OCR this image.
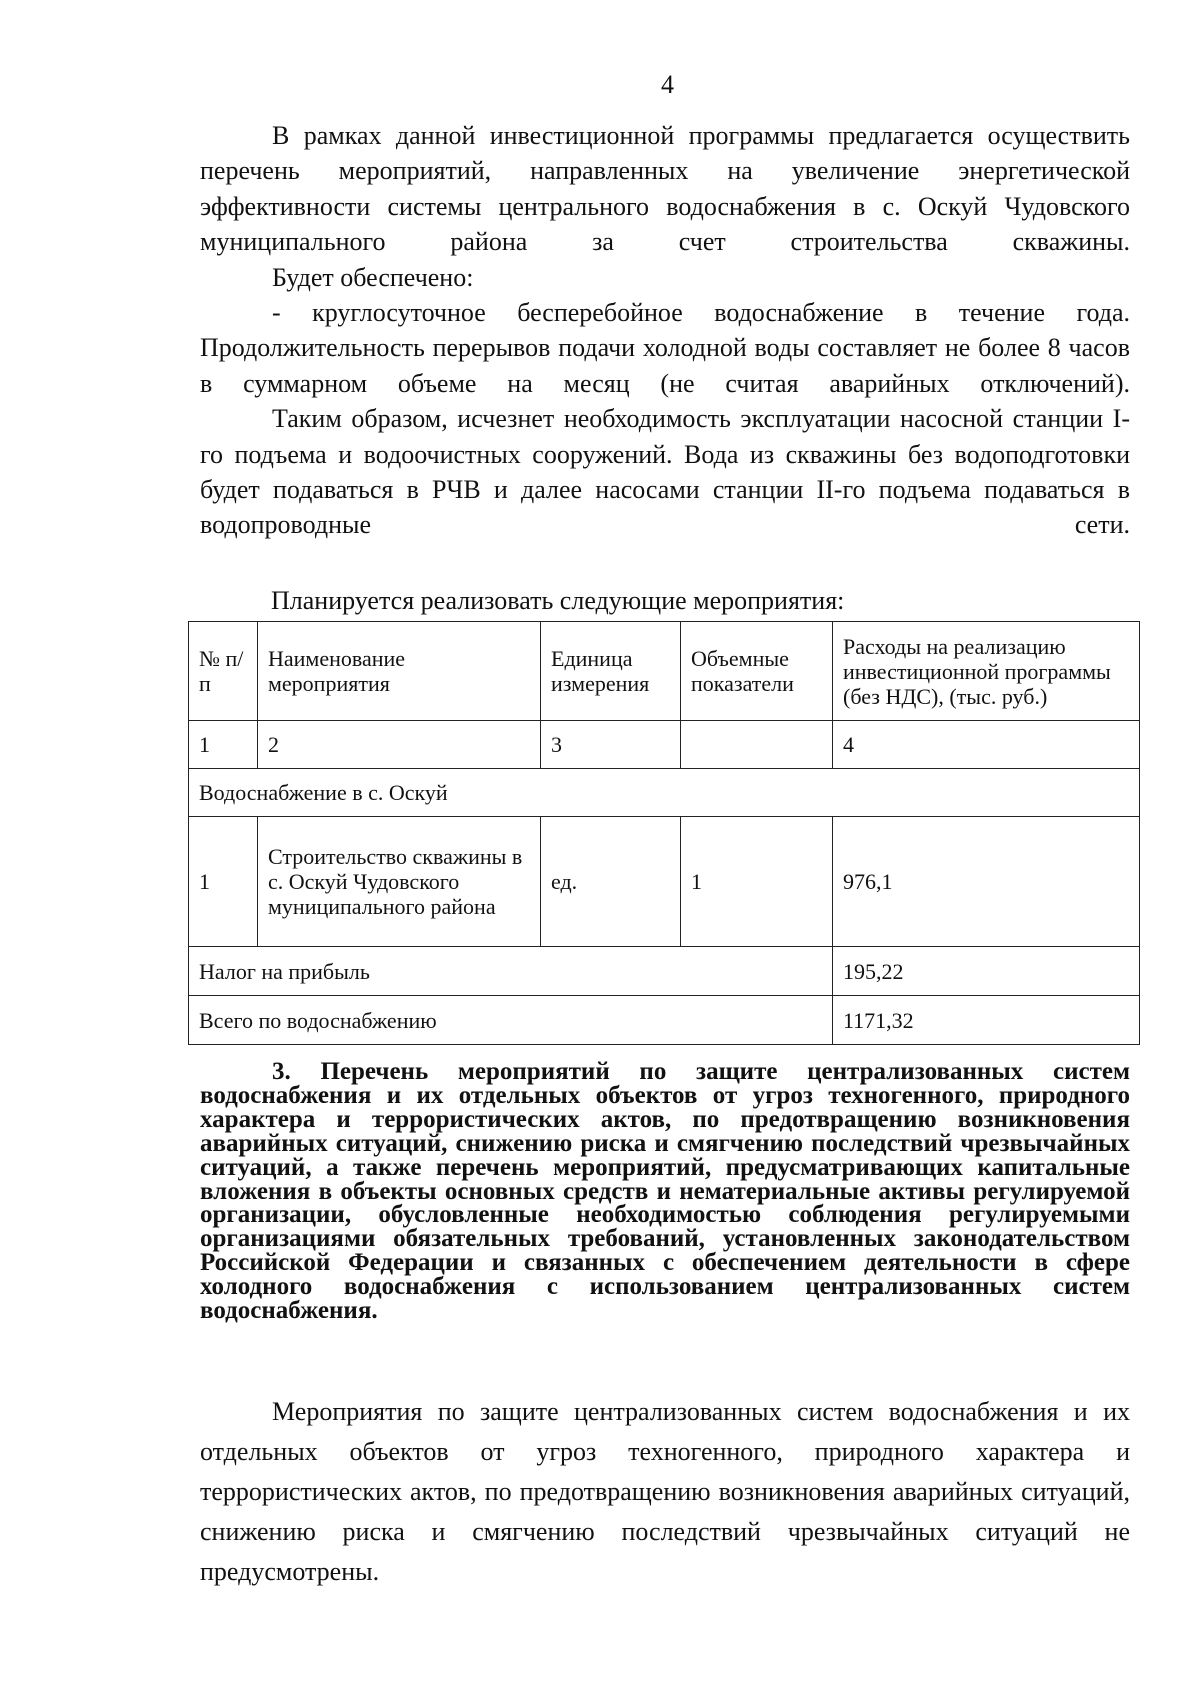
4

В рамках данной инвестиционной программы предлагается осуществить перечень мероприятий, направленных на увеличение энергетической эффективности системы центрального водоснабжения в с. Оскуй Чудовского муниципального района за счет строительства скважины.

Будет обеспечено:

- круглосуточное бесперебойное водоснабжение в течение года. Продолжительность перерывов подачи холодной воды составляет не более 8 часов в суммарном объеме на месяц (не считая аварийных отключений).

Таким образом, исчезнет необходимость эксплуатации насосной станции I-го подъема и водоочистных сооружений. Вода из скважины без водоподготовки будет подаваться в РЧВ и далее насосами станции II-го подъема подаваться в водопроводные сети.

Планируется реализовать следующие мероприятия:
№ п/п	Наименование мероприятия	Единица измерения	Объемные показатели	Расходы на реализацию инвестиционной программы (без НДС), (тыс. руб.)
1	2	3		4
Водоснабжение в с. Оскуй				
1	Строительство скважины в с. Оскуй Чудовского муниципального района	ед.	1	976,1
Налог на прибыль				195,22
Всего по водоснабжению				1171,32

3. Перечень мероприятий по защите централизованных систем водоснабжения и их отдельных объектов от угроз техногенного, природного характера и террористических актов, по предотвращению возникновения аварийных ситуаций, снижению риска и смягчению последствий чрезвычайных ситуаций, а также перечень мероприятий, предусматривающих капитальные вложения в объекты основных средств и нематериальные активы регулируемой организации, обусловленные необходимостью соблюдения регулируемыми организациями обязательных требований, установленных законодательством Российской Федерации и связанных с обеспечением деятельности в сфере холодного водоснабжения с использованием централизованных систем водоснабжения.

Мероприятия по защите централизованных систем водоснабжения и их отдельных объектов от угроз техногенного, природного характера и террористических актов, по предотвращению возникновения аварийных ситуаций, снижению риска и смягчению последствий чрезвычайных ситуаций не предусмотрены.
